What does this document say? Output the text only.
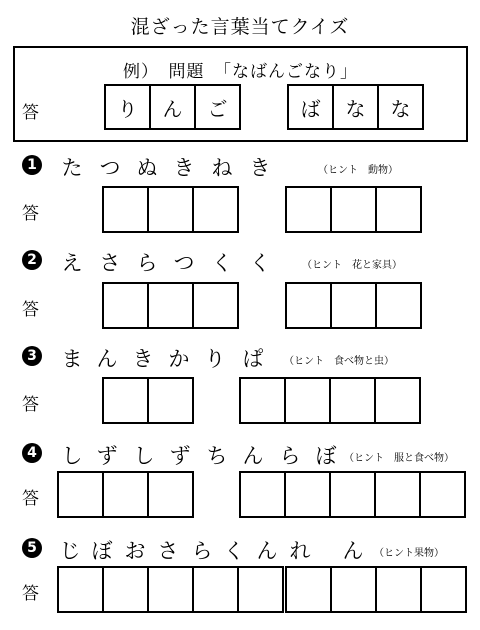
混ざった言葉当てクイズ
例）　問題　「なばんごなり」
答	り	ん	ご	ば	な	な
1 た つ ぬ き ね き	（ヒント　動物）
答
2 え さ ら つ く く	（ヒント　花と家具）
答
3 ま ん き か り ぱ （ヒント　食べ物と虫）
答
4 し ず し ず ち ん ら ぼ （ヒント　服と食べ物）
答
5 じ ぼ お さ ら く ん れ ん （ヒント果物）
答
